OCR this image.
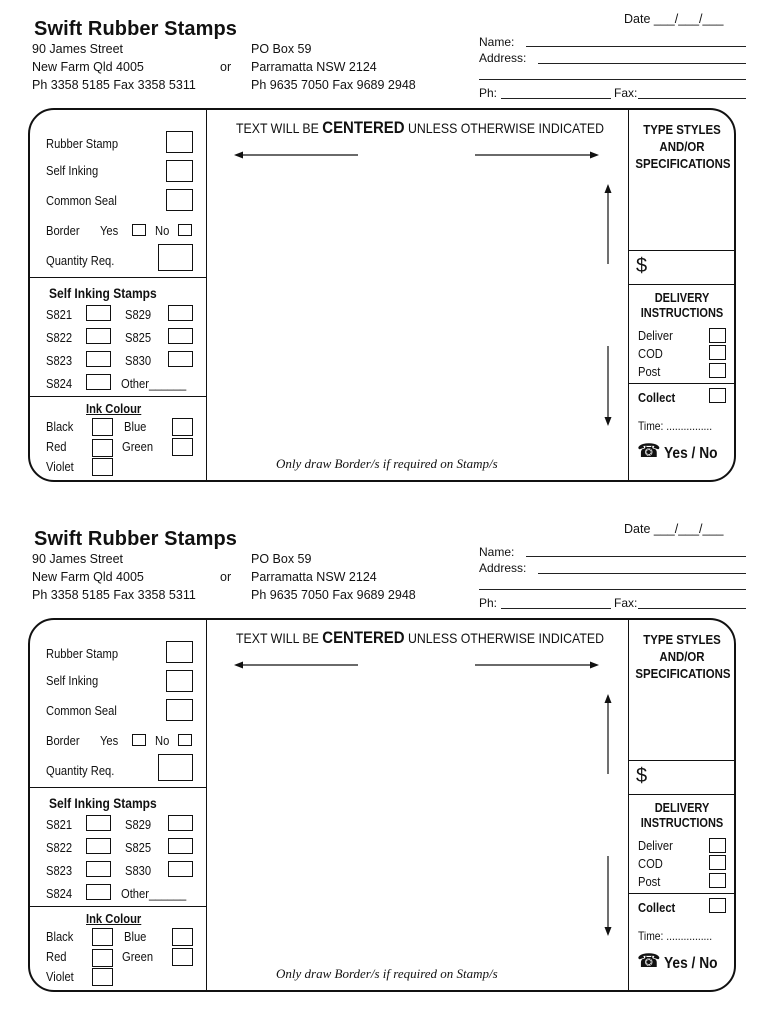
Swift Rubber Stamps
90 James Street
New Farm Qld 4005
Ph 3358 5185 Fax 3358 5311
or
PO Box 59
Parramatta NSW 2124
Ph 9635 7050 Fax 9689 2948
Date ___/___/___
Name:
Address:
Ph:	Fax:
Rubber Stamp
Self Inking
Common Seal
Border Yes	No
Quantity Req.
Self Inking Stamps
S821	S829
S822	S825
S823	S830
S824	Other______
Ink Colour
Black	Blue
Red	Green
Violet
TEXT WILL BE CENTERED UNLESS OTHERWISE INDICATED
Only draw Border/s if required on Stamp/s
TYPE STYLES
AND/OR
SPECIFICATIONS
$
DELIVERY
INSTRUCTIONS
Deliver
COD
Post
Collect
Time: ................
☎ Yes / No
Swift Rubber Stamps
90 James Street
New Farm Qld 4005
Ph 3358 5185 Fax 3358 5311
or
PO Box 59
Parramatta NSW 2124
Ph 9635 7050 Fax 9689 2948
Date ___/___/___
Name:
Address:
Ph:	Fax:
Rubber Stamp
Self Inking
Common Seal
Border Yes	No
Quantity Req.
Self Inking Stamps
S821	S829
S822	S825
S823	S830
S824	Other______
Ink Colour
Black	Blue
Red	Green
Violet
TEXT WILL BE CENTERED UNLESS OTHERWISE INDICATED
Only draw Border/s if required on Stamp/s
TYPE STYLES
AND/OR
SPECIFICATIONS
$
DELIVERY
INSTRUCTIONS
Deliver
COD
Post
Collect
Time: ................
☎ Yes / No
